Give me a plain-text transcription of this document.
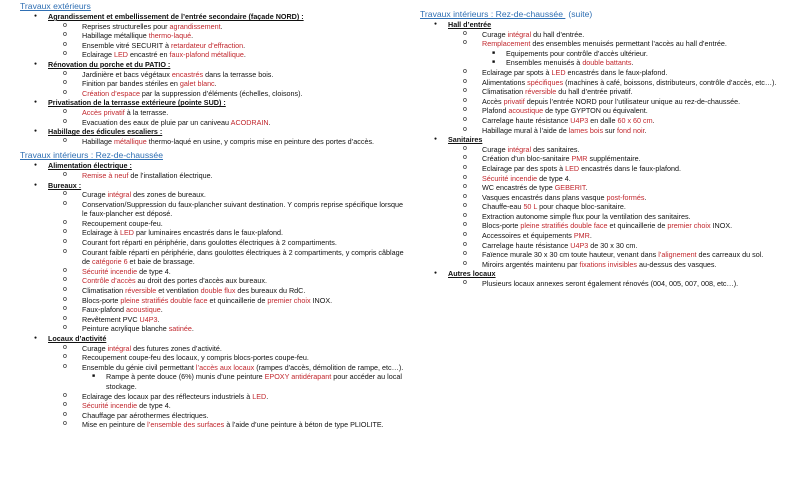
Travaux extérieurs
● Agrandissement et embellissement de l’entrée secondaire (façade NORD) :
o Reprises structurelles pour agrandissement.
o Habillage métallique thermo-laqué.
o Ensemble vitré SECURIT à retardateur d’effraction.
o Eclairage LED encastré en faux-plafond métallique.
● Rénovation du porche et du PATIO :
o Jardinière et bacs végétaux encastrés dans la terrasse bois.
o Finition par bandes stériles en galet blanc.
o Création d’espace par la suppression d’éléments (échelles, cloisons).
● Privatisation de la terrasse extérieure (pointe SUD) :
o Accès privatif à la terrasse.
o Evacuation des eaux de pluie par un caniveau ACODRAIN.
● Habillage des édicules escaliers :
o Habillage métallique thermo-laqué en usine, y compris mise en peinture des portes d’accès.
Travaux intérieurs : Rez-de-chaussée
● Alimentation électrique :
o Remise à neuf de l’installation électrique.
● Bureaux :
o Curage intégral des zones de bureaux.
o Conservation/Suppression du faux-plancher suivant destination. Y compris reprise spécifique lorsque le faux-plancher est déposé.
o Recoupement coupe-feu.
o Eclairage à LED par luminaires encastrés dans le faux-plafond.
o Courant fort réparti en périphérie, dans goulottes électriques à 2 compartiments.
o Courant faible réparti en périphérie, dans goulottes électriques à 2 compartiments, y compris câblage de catégorie 6 et baie de brassage.
o Sécurité incendie de type 4.
o Contrôle d’accès au droit des portes d’accès aux bureaux.
o Climatisation réversible et ventilation double flux des bureaux du RdC.
o Blocs-porte pleine stratifiés double face et quincaillerie de premier choix INOX.
o Faux-plafond acoustique.
o Revêtement PVC U4P3.
o Peinture acrylique blanche satinée.
● Locaux d’activité
o Curage intégral des futures zones d’activité.
o Recoupement coupe-feu des locaux, y compris blocs-portes coupe-feu.
o Ensemble du génie civil permettant l’accès aux locaux (rampes d’accès, démolition de rampe, etc…).
■ Rampe à pente douce (6%) munis d’une peinture EPOXY antidérapant pour accéder au local stockage.
o Eclairage des locaux par des réflecteurs industriels à LED.
o Sécurité incendie de type 4.
o Chauffage par aérothermes électriques.
o Mise en peinture de l’ensemble des surfaces à l’aide d’une peinture à béton de type PLIOLITE.
Travaux intérieurs : Rez-de-chaussée (suite)
● Hall d’entrée
o Curage intégral du hall d’entrée.
o Remplacement des ensembles menuisés permettant l’accès au hall d’entrée.
■ Equipements pour contrôle d’accès ultérieur.
■ Ensembles menuisés à double battants.
o Eclairage par spots à LED encastrés dans le faux-plafond.
o Alimentations spécifiques (machines à café, boissons, distributeurs, contrôle d’accès, etc…).
o Climatisation réversible du hall d’entrée privatif.
o Accès privatif depuis l’entrée NORD pour l’utilisateur unique au rez-de-chaussée.
o Plafond acoustique de type GYPTON ou équivalent.
o Carrelage haute résistance U4P3 en dalle 60 x 60 cm.
o Habillage mural à l’aide de lames bois sur fond noir.
● Sanitaires
o Curage intégral des sanitaires.
o Création d’un bloc-sanitaire PMR supplémentaire.
o Eclairage par des spots à LED encastrés dans le faux-plafond.
o Sécurité incendie de type 4.
o WC encastrés de type GEBERIT.
o Vasques encastrés dans plans vasque post-formés.
o Chauffe-eau 50 L pour chaque bloc-sanitaire.
o Extraction autonome simple flux pour la ventilation des sanitaires.
o Blocs-porte pleine stratifiés double face et quincaillerie de premier choix INOX.
o Accessoires et équipements PMR.
o Carrelage haute résistance U4P3 de 30 x 30 cm.
o Faïence murale 30 x 30 cm toute hauteur, venant dans l’alignement des carreaux du sol.
o Miroirs argentés maintenu par fixations invisibles au-dessus des vasques.
● Autres locaux
o Plusieurs locaux annexes seront également rénovés (004, 005, 007, 008, etc…).
